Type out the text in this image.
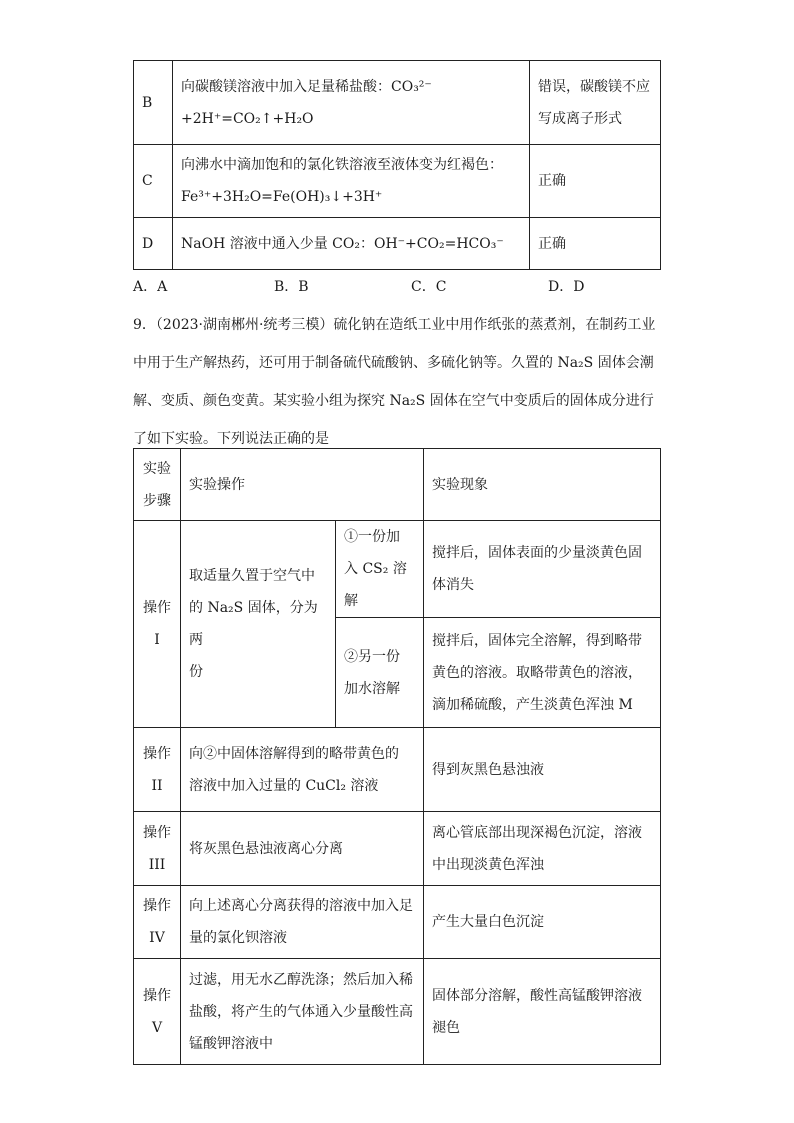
B	向碳酸镁溶液中加入足量稀盐酸：CO₃²⁻
+2H⁺=CO₂↑+H₂O	错误，碳酸镁不应
写成离子形式

C	向沸水中滴加饱和的氯化铁溶液至液体变为红褐色：
Fe³⁺+3H₂O=Fe(OH)₃↓+3H⁺	正确

D	NaOH 溶液中通入少量 CO₂：OH⁻+CO₂=HCO₃⁻	正确
A．A	B．B	C．C	D．D

9．（2023·湖南郴州·统考三模）硫化钠在造纸工业中用作纸张的蒸煮剂，在制药工业中用于生产解热药，还可用于制备硫代硫酸钠、多硫化钠等。久置的 Na₂S 固体会潮解、变质、颜色变黄。某实验小组为探究 Na₂S 固体在空气中变质后的固体成分进行了如下实验。下列说法正确的是

实验
步骤	实验操作		实验现象

操作
I	取适量久置于空气中
的 Na₂S 固体，分为两
份	①一份加
入 CS₂ 溶解	搅拌后，固体表面的少量淡黄色固
体消失

		②另一份
加水溶解	搅拌后，固体完全溶解，得到略带
黄色的溶液。取略带黄色的溶液，
滴加稀硫酸，产生淡黄色浑浊 M

操作
II	向②中固体溶解得到的略带黄色的
溶液中加入过量的 CuCl₂ 溶液		得到灰黑色悬浊液

操作
III	将灰黑色悬浊液离心分离		离心管底部出现深褐色沉淀，溶液
中出现淡黄色浑浊

操作
IV	向上述离心分离获得的溶液中加入足
量的氯化钡溶液		产生大量白色沉淀

操作
V	过滤，用无水乙醇洗涤；然后加入稀
盐酸，将产生的气体通入少量酸性高
锰酸钾溶液中		固体部分溶解，酸性高锰酸钾溶液
褪色
